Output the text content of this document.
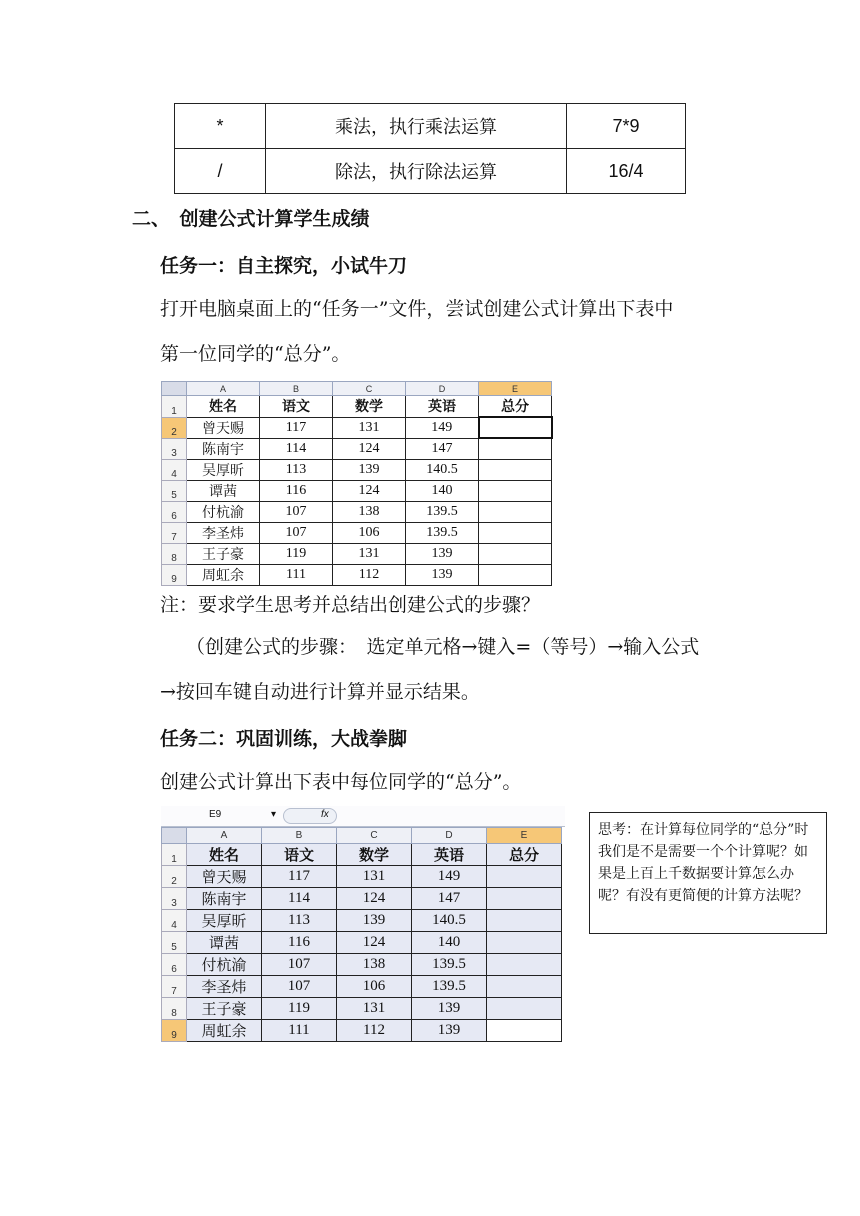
*	乘法，执行乘法运算	7*9
/	除法，执行除法运算	16/4
二、　创建公式计算学生成绩
任务一：自主探究，小试牛刀
打开电脑桌面上的“任务一”文件，尝试创建公式计算出下表中
第一位同学的“总分”。
	A	B	C	D	E
1	姓名	语文	数学	英语	总分
2	曾天赐	117	131	149	
3	陈南宇	114	124	147	
4	吴厚昕	113	139	140.5	
5	谭茜	116	124	140	
6	付杭渝	107	138	139.5	
7	李圣炜	107	106	139.5	
8	王子豪	119	131	139	
9	周虹余	111	112	139	
注：要求学生思考并总结出创建公式的步骤？
（创建公式的步骤：　选定单元格→键入=（等号）→输入公式
→按回车键自动进行计算并显示结果。
任务二：巩固训练，大战拳脚
创建公式计算出下表中每位同学的“总分”。
E9	▾	fx
	A	B	C	D	E
1	姓名	语文	数学	英语	总分
2	曾天赐	117	131	149	
3	陈南宇	114	124	147	
4	吴厚昕	113	139	140.5	
5	谭茜	116	124	140	
6	付杭渝	107	138	139.5	
7	李圣炜	107	106	139.5	
8	王子豪	119	131	139	
9	周虹余	111	112	139	
思考：在计算每位同学的“总分”时我们是不是需要一个个计算呢？如果是上百上千数据要计算怎么办呢？有没有更简便的计算方法呢？
